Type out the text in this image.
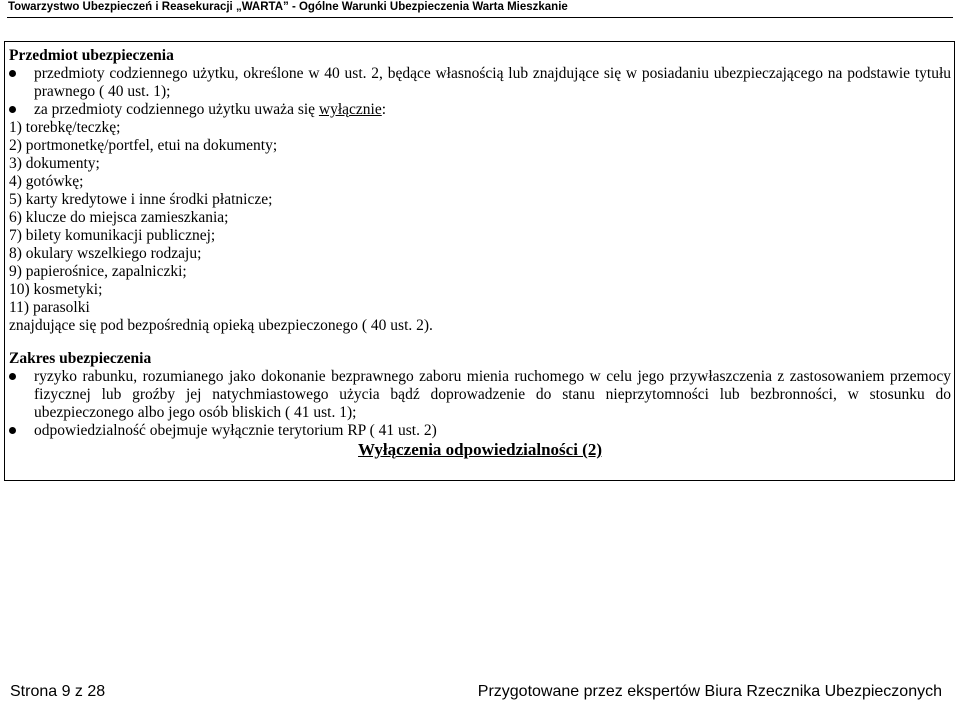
Towarzystwo Ubezpieczeń i Reasekuracji „WARTA” - Ogólne Warunki Ubezpieczenia Warta Mieszkanie

Przedmiot ubezpieczenia

przedmioty codziennego użytku, określone w 40 ust. 2, będące własnością lub znajdujące się w posiadaniu ubezpieczającego na podstawie tytułu prawnego ( 40 ust. 1);

za przedmioty codziennego użytku uważa się wyłącznie:

1) torebkę/teczkę;

2) portmonetkę/portfel, etui na dokumenty;

3) dokumenty;

4) gotówkę;

5) karty kredytowe i inne środki płatnicze;

6) klucze do miejsca zamieszkania;

7) bilety komunikacji publicznej;

8) okulary wszelkiego rodzaju;

9) papierośnice, zapalniczki;

10) kosmetyki;

11) parasolki

znajdujące się pod bezpośrednią opieką ubezpieczonego ( 40 ust. 2).

Zakres ubezpieczenia

ryzyko rabunku, rozumianego jako dokonanie bezprawnego zaboru mienia ruchomego w celu jego przywłaszczenia z zastosowaniem przemocy fizycznej lub groźby jej natychmiastowego użycia bądź doprowadzenie do stanu nieprzytomności lub bezbronności, w stosunku do ubezpieczonego albo jego osób bliskich ( 41 ust. 1);

odpowiedzialność obejmuje wyłącznie terytorium RP ( 41 ust. 2)

Wyłączenia odpowiedzialności (2)

Strona 9 z 28	Przygotowane przez ekspertów Biura Rzecznika Ubezpieczonych
